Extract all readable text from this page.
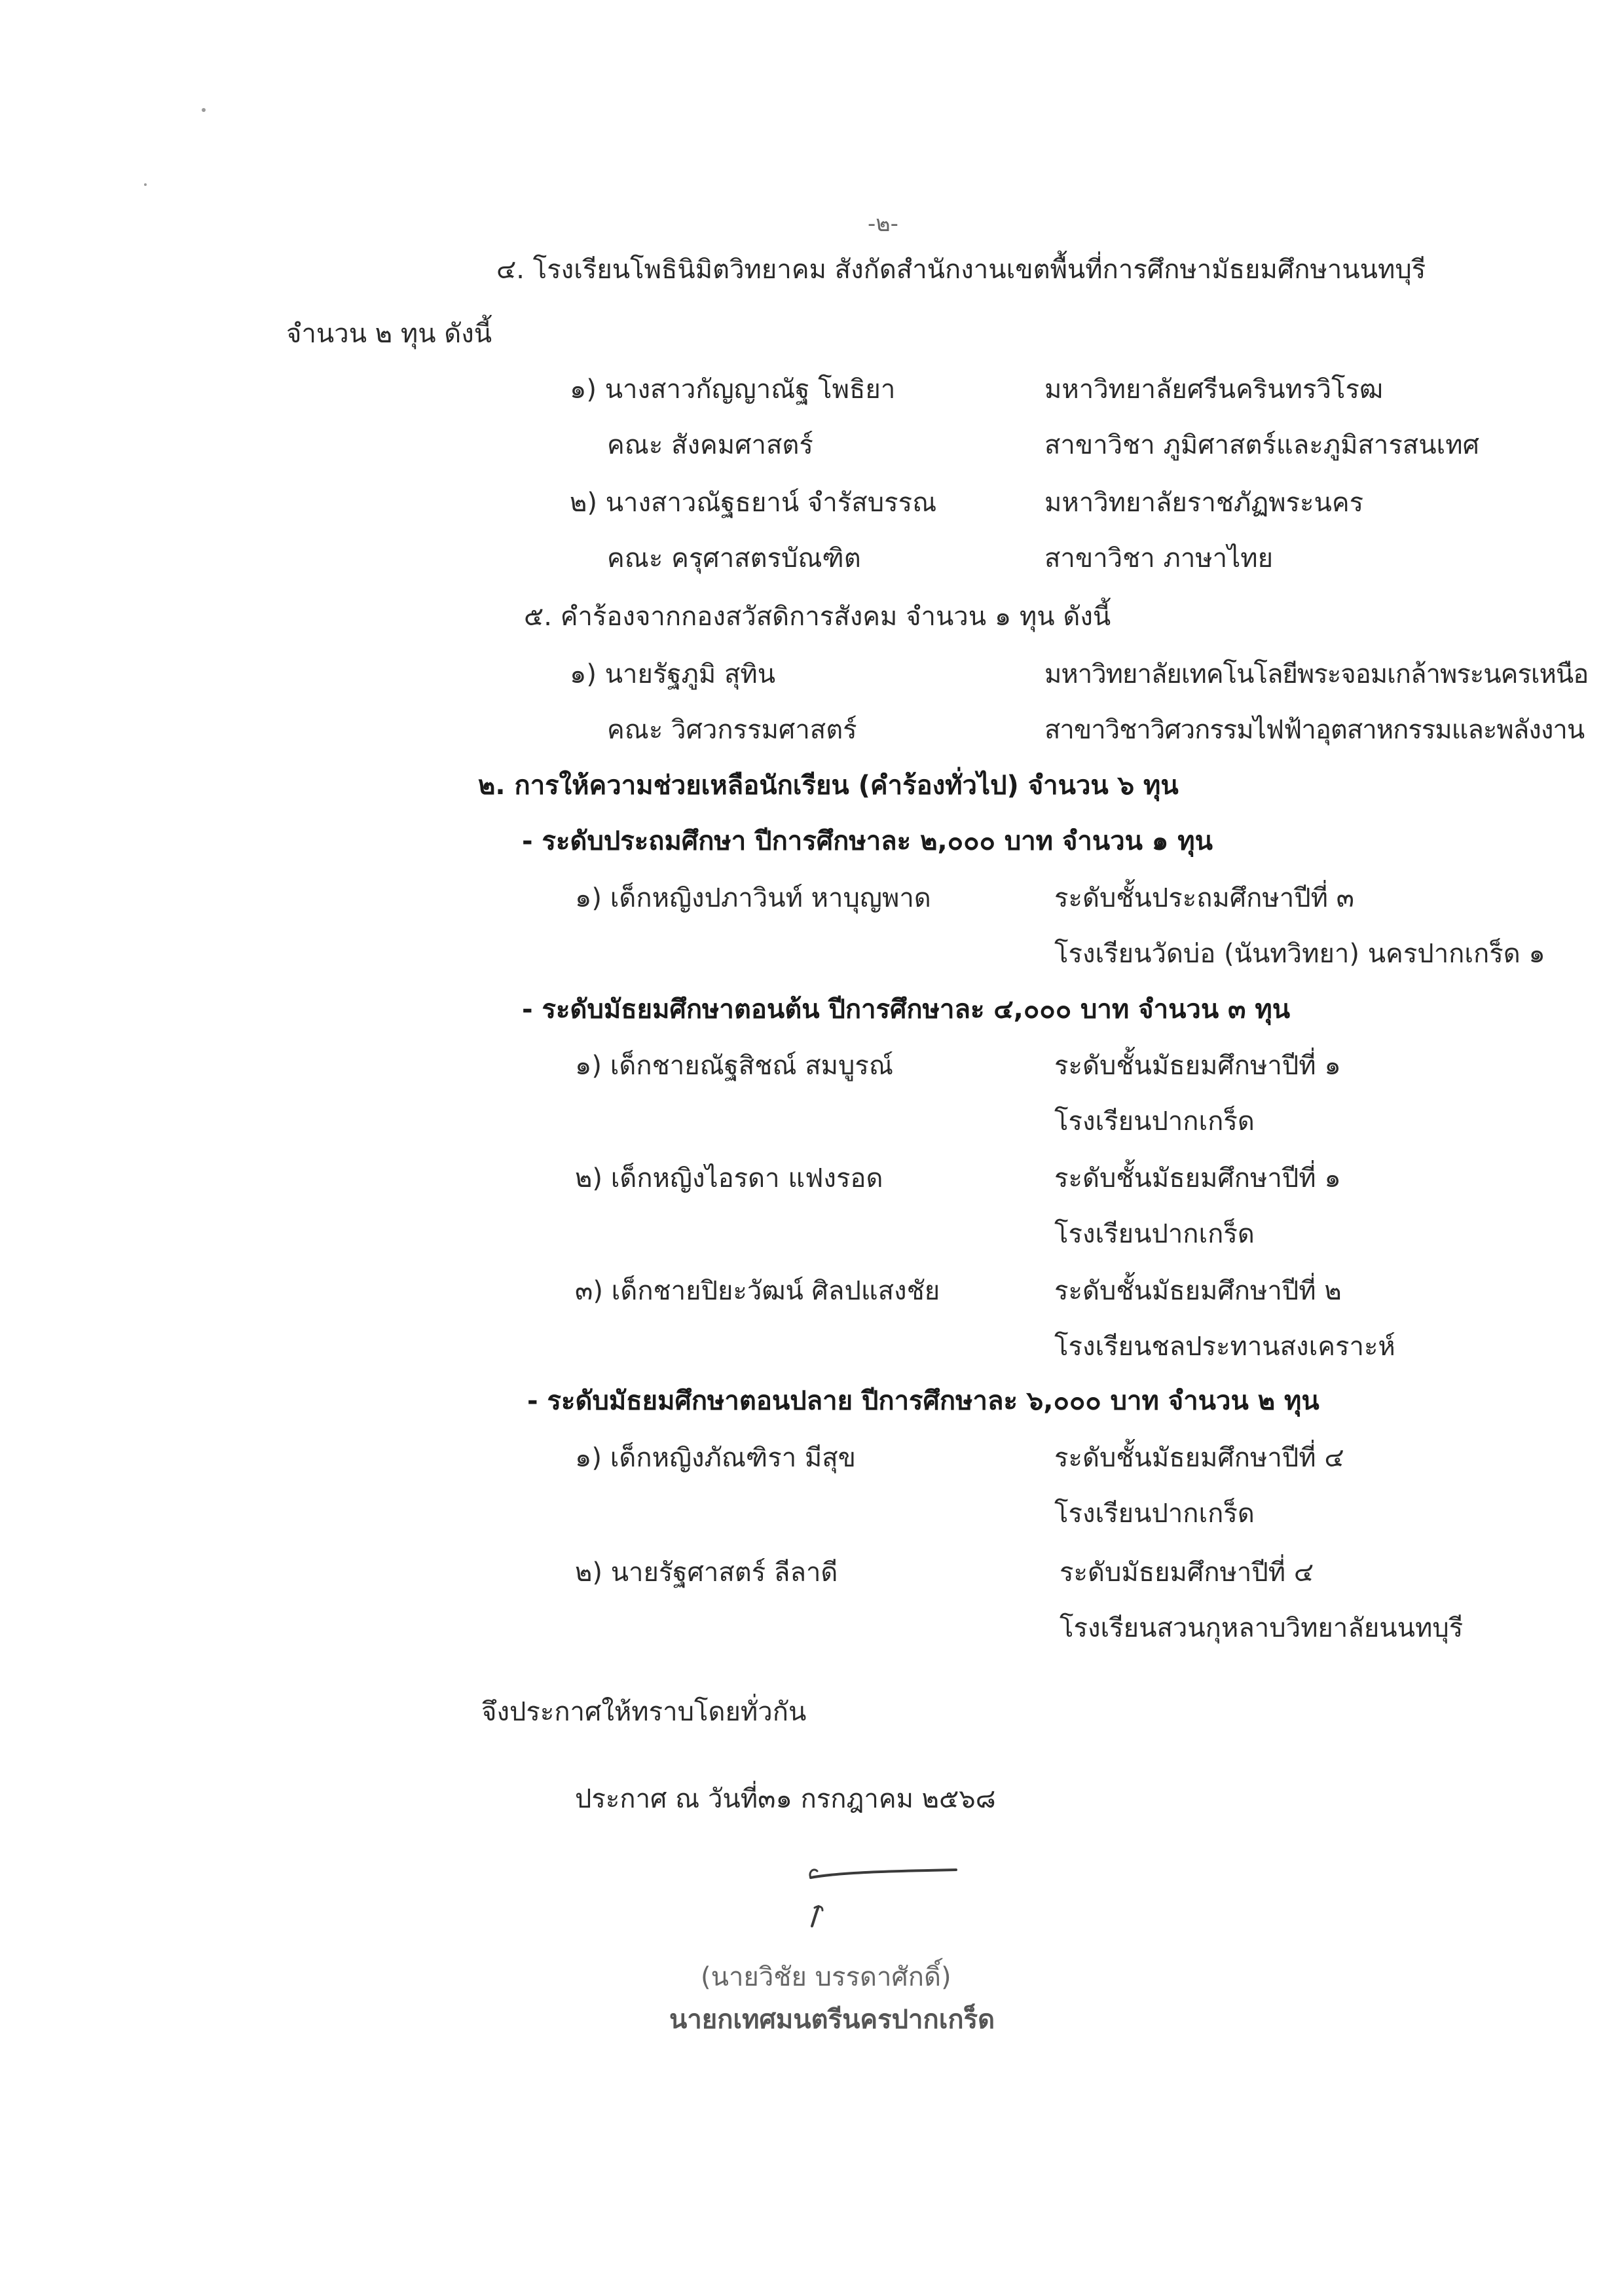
-๒-
๔. โรงเรียนโพธินิมิตวิทยาคม สังกัดสำนักงานเขตพื้นที่การศึกษามัธยมศึกษานนทบุรี
จำนวน ๒ ทุน ดังนี้
๑) นางสาวกัญญาณัฐ โพธิยา	มหาวิทยาลัยศรีนครินทรวิโรฒ
คณะ สังคมศาสตร์	สาขาวิชา ภูมิศาสตร์และภูมิสารสนเทศ
๒) นางสาวณัฐธยาน์ จำรัสบรรณ	มหาวิทยาลัยราชภัฏพระนคร
คณะ ครุศาสตรบัณฑิต	สาขาวิชา ภาษาไทย
๕. คำร้องจากกองสวัสดิการสังคม จำนวน ๑ ทุน ดังนี้
๑) นายรัฐภูมิ สุทิน	มหาวิทยาลัยเทคโนโลยีพระจอมเกล้าพระนครเหนือ
คณะ วิศวกรรมศาสตร์	สาขาวิชาวิศวกรรมไฟฟ้าอุตสาหกรรมและพลังงาน
๒. การให้ความช่วยเหลือนักเรียน (คำร้องทั่วไป) จำนวน ๖ ทุน
- ระดับประถมศึกษา ปีการศึกษาละ ๒,๐๐๐ บาท จำนวน ๑ ทุน
๑) เด็กหญิงปภาวินท์ หาบุญพาด	ระดับชั้นประถมศึกษาปีที่ ๓
โรงเรียนวัดบ่อ (นันทวิทยา) นครปากเกร็ด ๑
- ระดับมัธยมศึกษาตอนต้น ปีการศึกษาละ ๔,๐๐๐ บาท จำนวน ๓ ทุน
๑) เด็กชายณัฐสิชณ์ สมบูรณ์	ระดับชั้นมัธยมศึกษาปีที่ ๑
โรงเรียนปากเกร็ด
๒) เด็กหญิงไอรดา แฟงรอด	ระดับชั้นมัธยมศึกษาปีที่ ๑
โรงเรียนปากเกร็ด
๓) เด็กชายปิยะวัฒน์ ศิลปแสงชัย	ระดับชั้นมัธยมศึกษาปีที่ ๒
โรงเรียนชลประทานสงเคราะห์
- ระดับมัธยมศึกษาตอนปลาย ปีการศึกษาละ ๖,๐๐๐ บาท จำนวน ๒ ทุน
๑) เด็กหญิงภัณฑิรา มีสุข	ระดับชั้นมัธยมศึกษาปีที่ ๔
โรงเรียนปากเกร็ด
๒) นายรัฐศาสตร์ ลีลาดี	ระดับมัธยมศึกษาปีที่ ๔
โรงเรียนสวนกุหลาบวิทยาลัยนนทบุรี
จึงประกาศให้ทราบโดยทั่วกัน
ประกาศ ณ วันที่๓๑ กรกฎาคม ๒๕๖๘
(นายวิชัย บรรดาศักดิ์)
นายกเทศมนตรีนครปากเกร็ด
